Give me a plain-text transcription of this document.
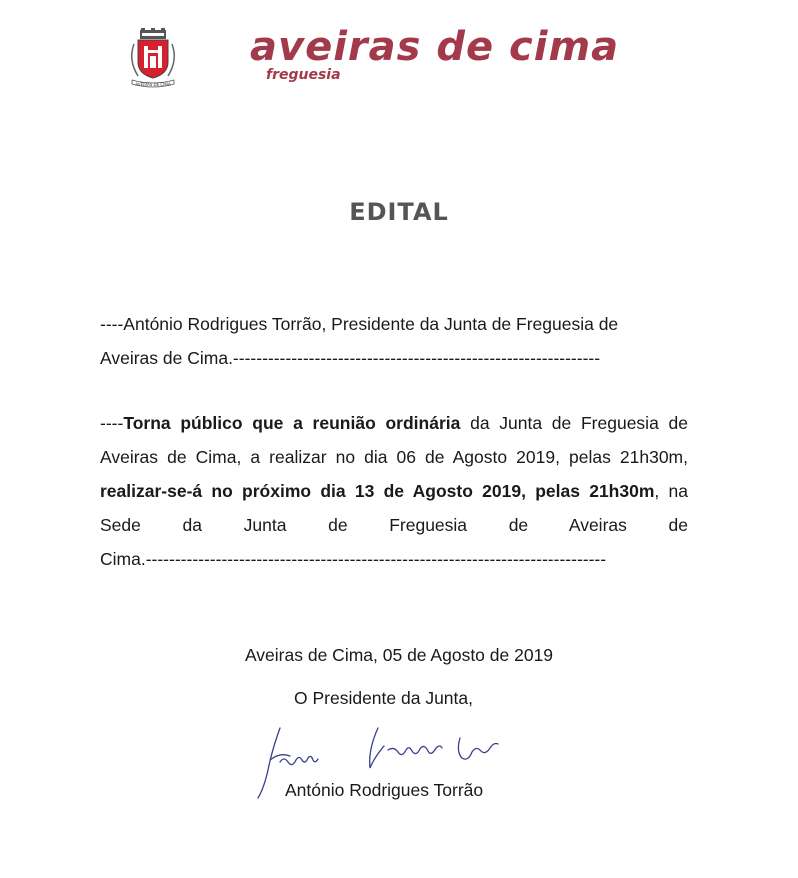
AVEIRAS DE CIMA
aveiras de cima
freguesia
EDITAL
----António Rodrigues Torrão, Presidente da Junta de Freguesia de
Aveiras de Cima.---------------------------------------------------------------
----Torna público que a reunião ordinária da Junta de Freguesia de Aveiras de Cima, a realizar no dia 06 de Agosto 2019, pelas 21h30m, realizar-se-á no próximo dia 13 de Agosto 2019, pelas 21h30m, na Sede da Junta de Freguesia de Aveiras de
Cima.-------------------------------------------------------------------------------
Aveiras de Cima, 05 de Agosto de 2019
O Presidente da Junta,
António Rodrigues Torrão
